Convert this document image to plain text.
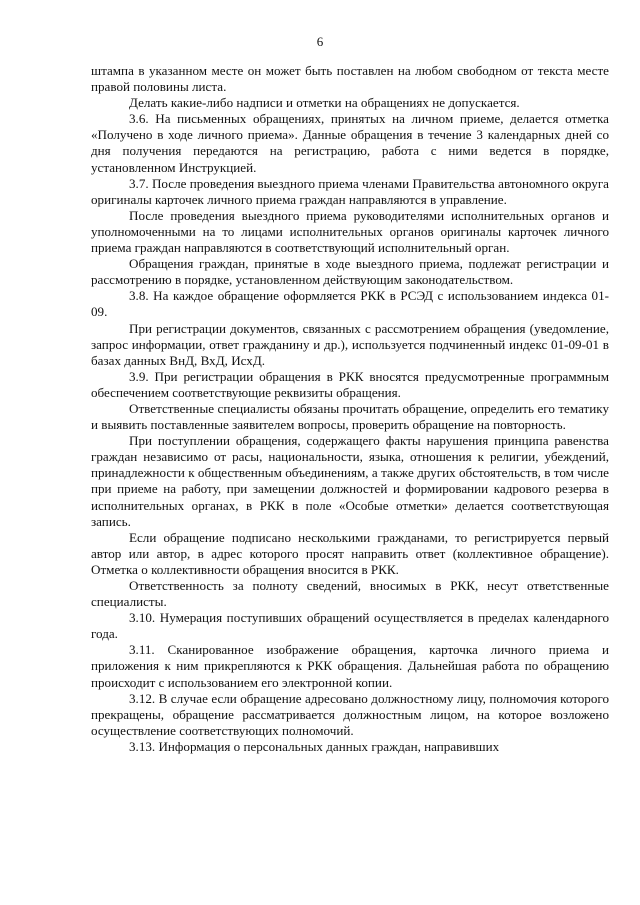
6

штампа в указанном месте он может быть поставлен на любом свободном от текста месте правой половины листа.

Делать какие-либо надписи и отметки на обращениях не допускается.

3.6. На письменных обращениях, принятых на личном приеме, делается отметка «Получено в ходе личного приема». Данные обращения в течение 3 календарных дней со дня получения передаются на регистрацию, работа с ними ведется в порядке, установленном Инструкцией.

3.7. После проведения выездного приема членами Правительства автономного округа оригиналы карточек личного приема граждан направляются в управление.

После проведения выездного приема руководителями исполнительных органов и уполномоченными на то лицами исполнительных органов оригиналы карточек личного приема граждан направляются в соответствующий исполнительный орган.

Обращения граждан, принятые в ходе выездного приема, подлежат регистрации и рассмотрению в порядке, установленном действующим законодательством.

3.8. На каждое обращение оформляется РКК в РСЭД с использованием индекса 01-09.

При регистрации документов, связанных с рассмотрением обращения (уведомление, запрос информации, ответ гражданину и др.), используется подчиненный индекс 01-09-01 в базах данных ВнД, ВхД, ИсхД.

3.9. При регистрации обращения в РКК вносятся предусмотренные программным обеспечением соответствующие реквизиты обращения.

Ответственные специалисты обязаны прочитать обращение, определить его тематику и выявить поставленные заявителем вопросы, проверить обращение на повторность.

При поступлении обращения, содержащего факты нарушения принципа равенства граждан независимо от расы, национальности, языка, отношения к религии, убеждений, принадлежности к общественным объединениям, а также других обстоятельств, в том числе при приеме на работу, при замещении должностей и формировании кадрового резерва в исполнительных органах, в РКК в поле «Особые отметки» делается соответствующая запись.

Если обращение подписано несколькими гражданами, то регистрируется первый автор или автор, в адрес которого просят направить ответ (коллективное обращение). Отметка о коллективности обращения вносится в РКК.

Ответственность за полноту сведений, вносимых в РКК, несут ответственные специалисты.

3.10. Нумерация поступивших обращений осуществляется в пределах календарного года.

3.11. Сканированное изображение обращения, карточка личного приема и приложения к ним прикрепляются к РКК обращения. Дальнейшая работа по обращению происходит с использованием его электронной копии.

3.12. В случае если обращение адресовано должностному лицу, полномочия которого прекращены, обращение рассматривается должностным лицом, на которое возложено осуществление соответствующих полномочий.

3.13. Информация о персональных данных граждан, направивших
